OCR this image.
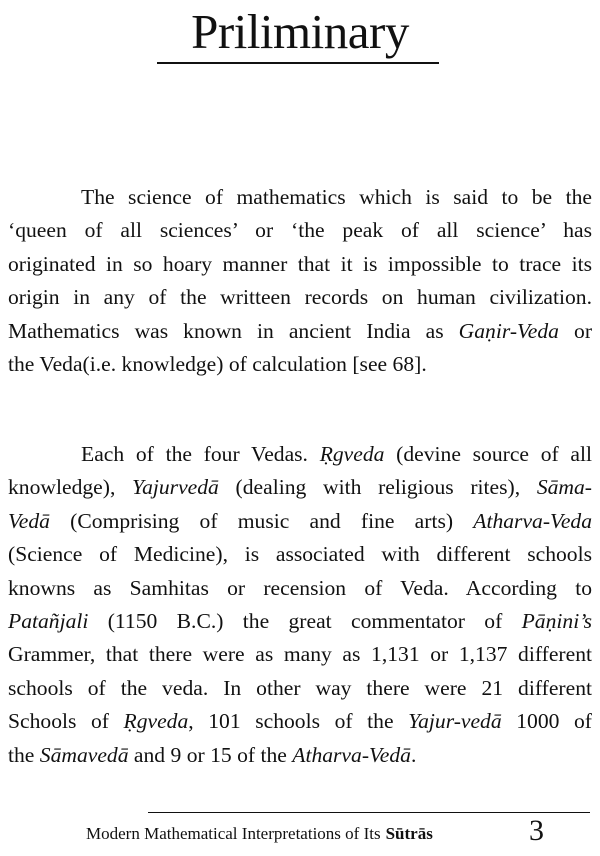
Priliminary
The science of mathematics which is said to be the
‘queen of all sciences’ or ‘the peak of all science’ has
originated in so hoary manner that it is impossible to trace its
origin in any of the writteen records on human civilization.
Mathematics was known in ancient India as Gaṇir-Veda or
the Veda(i.e. knowledge) of calculation [see 68].
Each of the four Vedas. Ṛgveda (devine source of all
knowledge), Yajurvedā (dealing with religious rites), Sāma-
Vedā (Comprising of music and fine arts) Atharva-Veda
(Science of Medicine), is associated with different schools
knowns as Samhitas or recension of Veda. According to
Patañjali (1150 B.C.) the great commentator of Pāṇini’s
Grammer, that there were as many as 1,131 or 1,137 different
schools of the veda. In other way there were 21 different
Schools of Ṛgveda, 101 schools of the Yajur-vedā 1000 of
the Sāmavedā and 9 or 15 of the Atharva-Vedā.
Modern Mathematical Interpretations of Its Sūtrās	3
